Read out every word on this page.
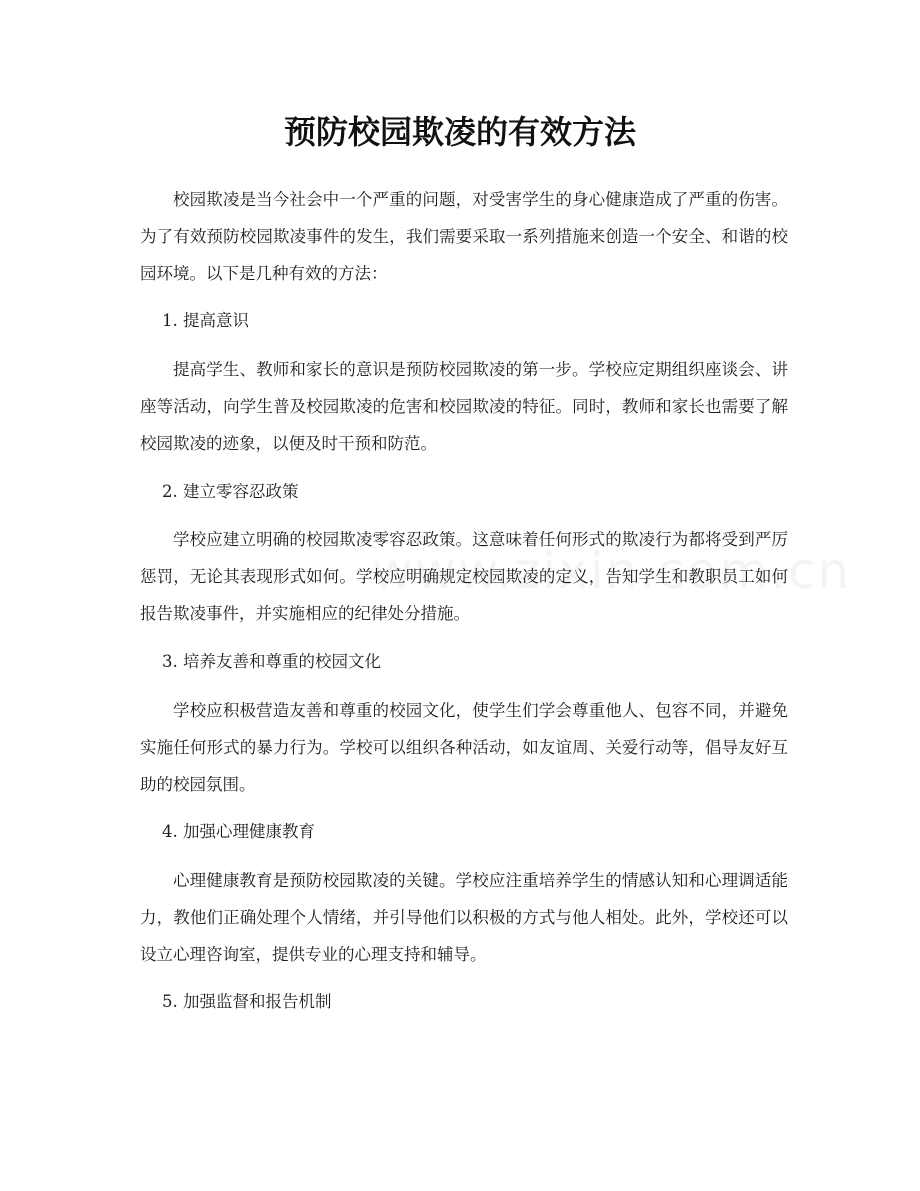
预防校园欺凌的有效方法

校园欺凌是当今社会中一个严重的问题，对受害学生的身心健康造成了严重的伤害。为了有效预防校园欺凌事件的发生，我们需要采取一系列措施来创造一个安全、和谐的校园环境。以下是几种有效的方法：

1. 提高意识

提高学生、教师和家长的意识是预防校园欺凌的第一步。学校应定期组织座谈会、讲座等活动，向学生普及校园欺凌的危害和校园欺凌的特征。同时，教师和家长也需要了解校园欺凌的迹象，以便及时干预和防范。

2. 建立零容忍政策

学校应建立明确的校园欺凌零容忍政策。这意味着任何形式的欺凌行为都将受到严厉惩罚，无论其表现形式如何。学校应明确规定校园欺凌的定义，告知学生和教职员工如何报告欺凌事件，并实施相应的纪律处分措施。

3. 培养友善和尊重的校园文化

学校应积极营造友善和尊重的校园文化，使学生们学会尊重他人、包容不同，并避免实施任何形式的暴力行为。学校可以组织各种活动，如友谊周、关爱行动等，倡导友好互助的校园氛围。

4. 加强心理健康教育

心理健康教育是预防校园欺凌的关键。学校应注重培养学生的情感认知和心理调适能力，教他们正确处理个人情绪，并引导他们以积极的方式与他人相处。此外，学校还可以设立心理咨询室，提供专业的心理支持和辅导。

5. 加强监督和报告机制
